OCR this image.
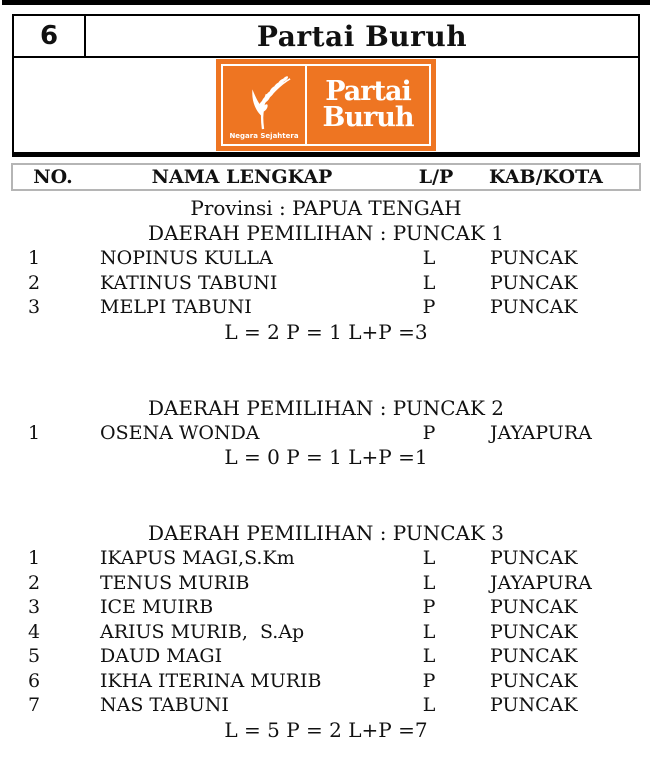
6	Partai Buruh
Negara Sejahtera
Partai
Buruh
NO.	NAMA LENGKAP	L/P	KAB/KOTA
Provinsi : PAPUA TENGAH
DAERAH PEMILIHAN : PUNCAK 1
1	NOPINUS KULLA	L	PUNCAK
2	KATINUS TABUNI	L	PUNCAK
3	MELPI TABUNI	P	PUNCAK
L = 2 P = 1 L+P =3
DAERAH PEMILIHAN : PUNCAK 2
1	OSENA WONDA	P	JAYAPURA
L = 0 P = 1 L+P =1
DAERAH PEMILIHAN : PUNCAK 3
1	IKAPUS MAGI,S.Km	L	PUNCAK
2	TENUS MURIB	L	JAYAPURA
3	ICE MUIRB	P	PUNCAK
4	ARIUS MURIB,  S.Ap	L	PUNCAK
5	DAUD MAGI	L	PUNCAK
6	IKHA ITERINA MURIB	P	PUNCAK
7	NAS TABUNI	L	PUNCAK
L = 5 P = 2 L+P =7
